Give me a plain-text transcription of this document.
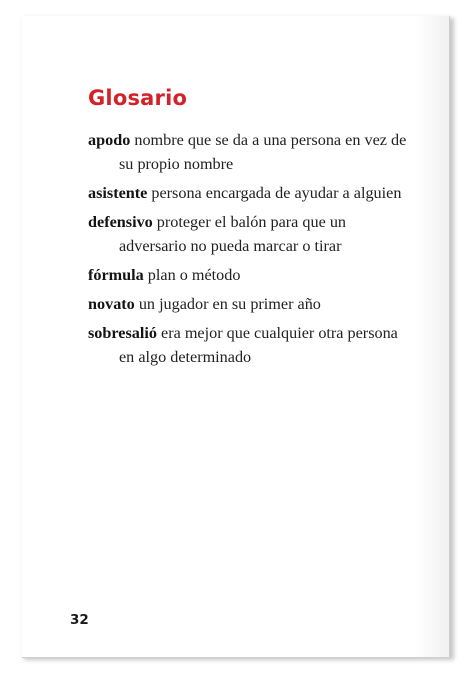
Glosario
apodo nombre que se da a una persona en vez de su propio nombre
asistente persona encargada de ayudar a alguien
defensivo proteger el balón para que un adversario no pueda marcar o tirar
fórmula plan o método
novato un jugador en su primer año
sobresalió era mejor que cualquier otra persona en algo determinado
32
